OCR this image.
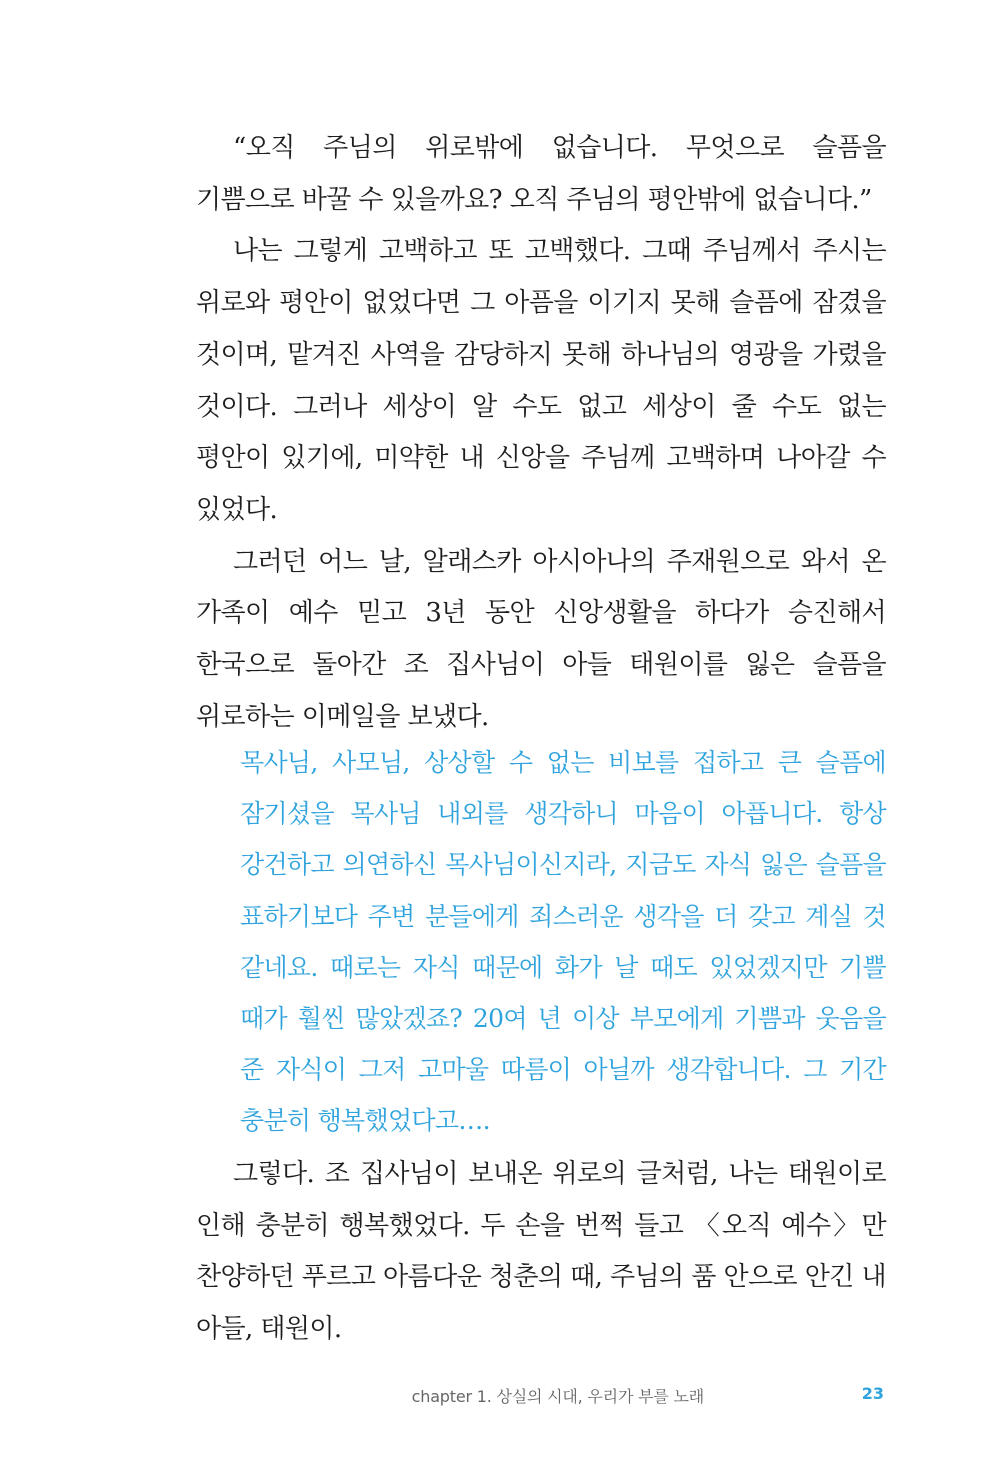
“오직 주님의 위로밖에 없습니다. 무엇으로 슬픔을 기쁨으로 바꿀 수 있을까요? 오직 주님의 평안밖에 없습니다.”

나는 그렇게 고백하고 또 고백했다. 그때 주님께서 주시는 위로와 평안이 없었다면 그 아픔을 이기지 못해 슬픔에 잠겼을 것이며, 맡겨진 사역을 감당하지 못해 하나님의 영광을 가렸을 것이다. 그러나 세상이 알 수도 없고 세상이 줄 수도 없는 평안이 있기에, 미약한 내 신앙을 주님께 고백하며 나아갈 수 있었다.

그러던 어느 날, 알래스카 아시아나의 주재원으로 와서 온 가족이 예수 믿고 3년 동안 신앙생활을 하다가 승진해서 한국으로 돌아간 조 집사님이 아들 태원이를 잃은 슬픔을 위로하는 이메일을 보냈다.

목사님, 사모님, 상상할 수 없는 비보를 접하고 큰 슬픔에 잠기셨을 목사님 내외를 생각하니 마음이 아픕니다. 항상 강건하고 의연하신 목사님이신지라, 지금도 자식 잃은 슬픔을 표하기보다 주변 분들에게 죄스러운 생각을 더 갖고 계실 것 같네요. 때로는 자식 때문에 화가 날 때도 있었겠지만 기쁠 때가 훨씬 많았겠죠? 20여 년 이상 부모에게 기쁨과 웃음을 준 자식이 그저 고마울 따름이 아닐까 생각합니다. 그 기간 충분히 행복했었다고….

그렇다. 조 집사님이 보내온 위로의 글처럼, 나는 태원이로 인해 충분히 행복했었다. 두 손을 번쩍 들고 〈오직 예수〉만 찬양하던 푸르고 아름다운 청춘의 때, 주님의 품 안으로 안긴 내 아들, 태원이.

chapter 1. 상실의 시대, 우리가 부를 노래	23
